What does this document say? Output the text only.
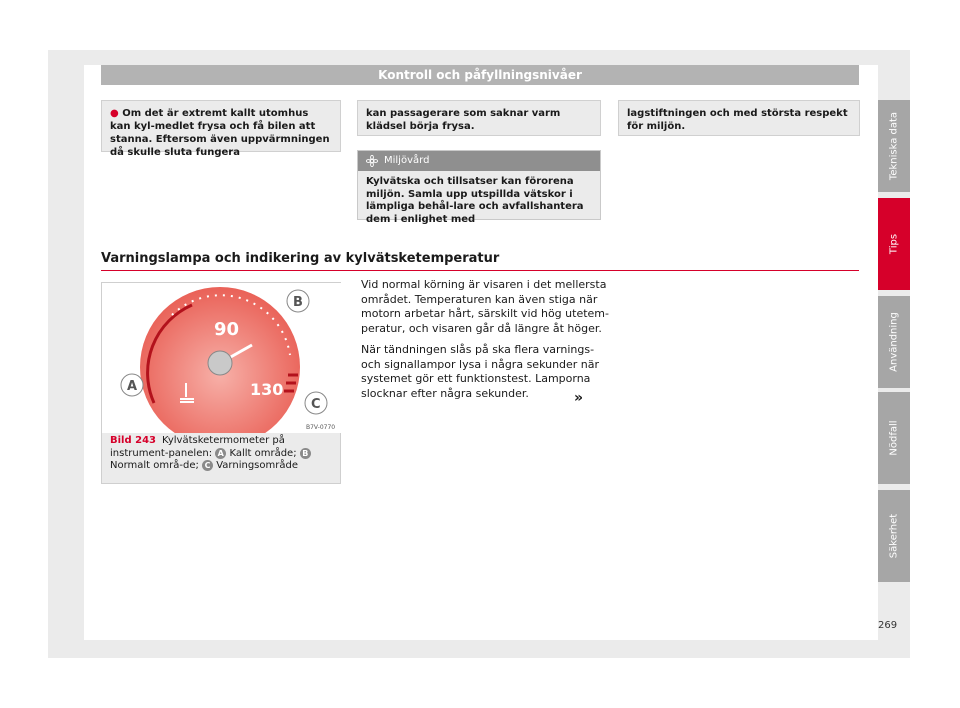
Kontroll och påfyllningsnivåer
● Om det är extremt kallt utomhus kan kyl-medlet frysa och få bilen att stanna. Eftersom även uppvärmningen då skulle sluta fungera
kan passagerare som saknar varm klädsel börja frysa.
lagstiftningen och med största respekt för miljön.
Miljövård
Kylvätska och tillsatser kan förorena miljön. Samla upp utspillda vätskor i lämpliga behål-lare och avfallshantera dem i enlighet med
Varningslampa och indikering av kylvätsketemperatur
90
130
B
A
C
B7V-0770
Bild 243 Kylvätsketermometer på instrument-panelen: A Kallt område; B Normalt områ-de; C Varningsområde

Vid normal körning är visaren i det mellersta området. Temperaturen kan även stiga när motorn arbetar hårt, särskilt vid hög utetem-peratur, och visaren går då längre åt höger.

När tändningen slås på ska flera varnings- och signallampor lysa i några sekunder när systemet gör ett funktionstest. Lamporna slocknar efter några sekunder.	»
Tekniska data
Tips
Användning
Nödfall
Säkerhet
269
